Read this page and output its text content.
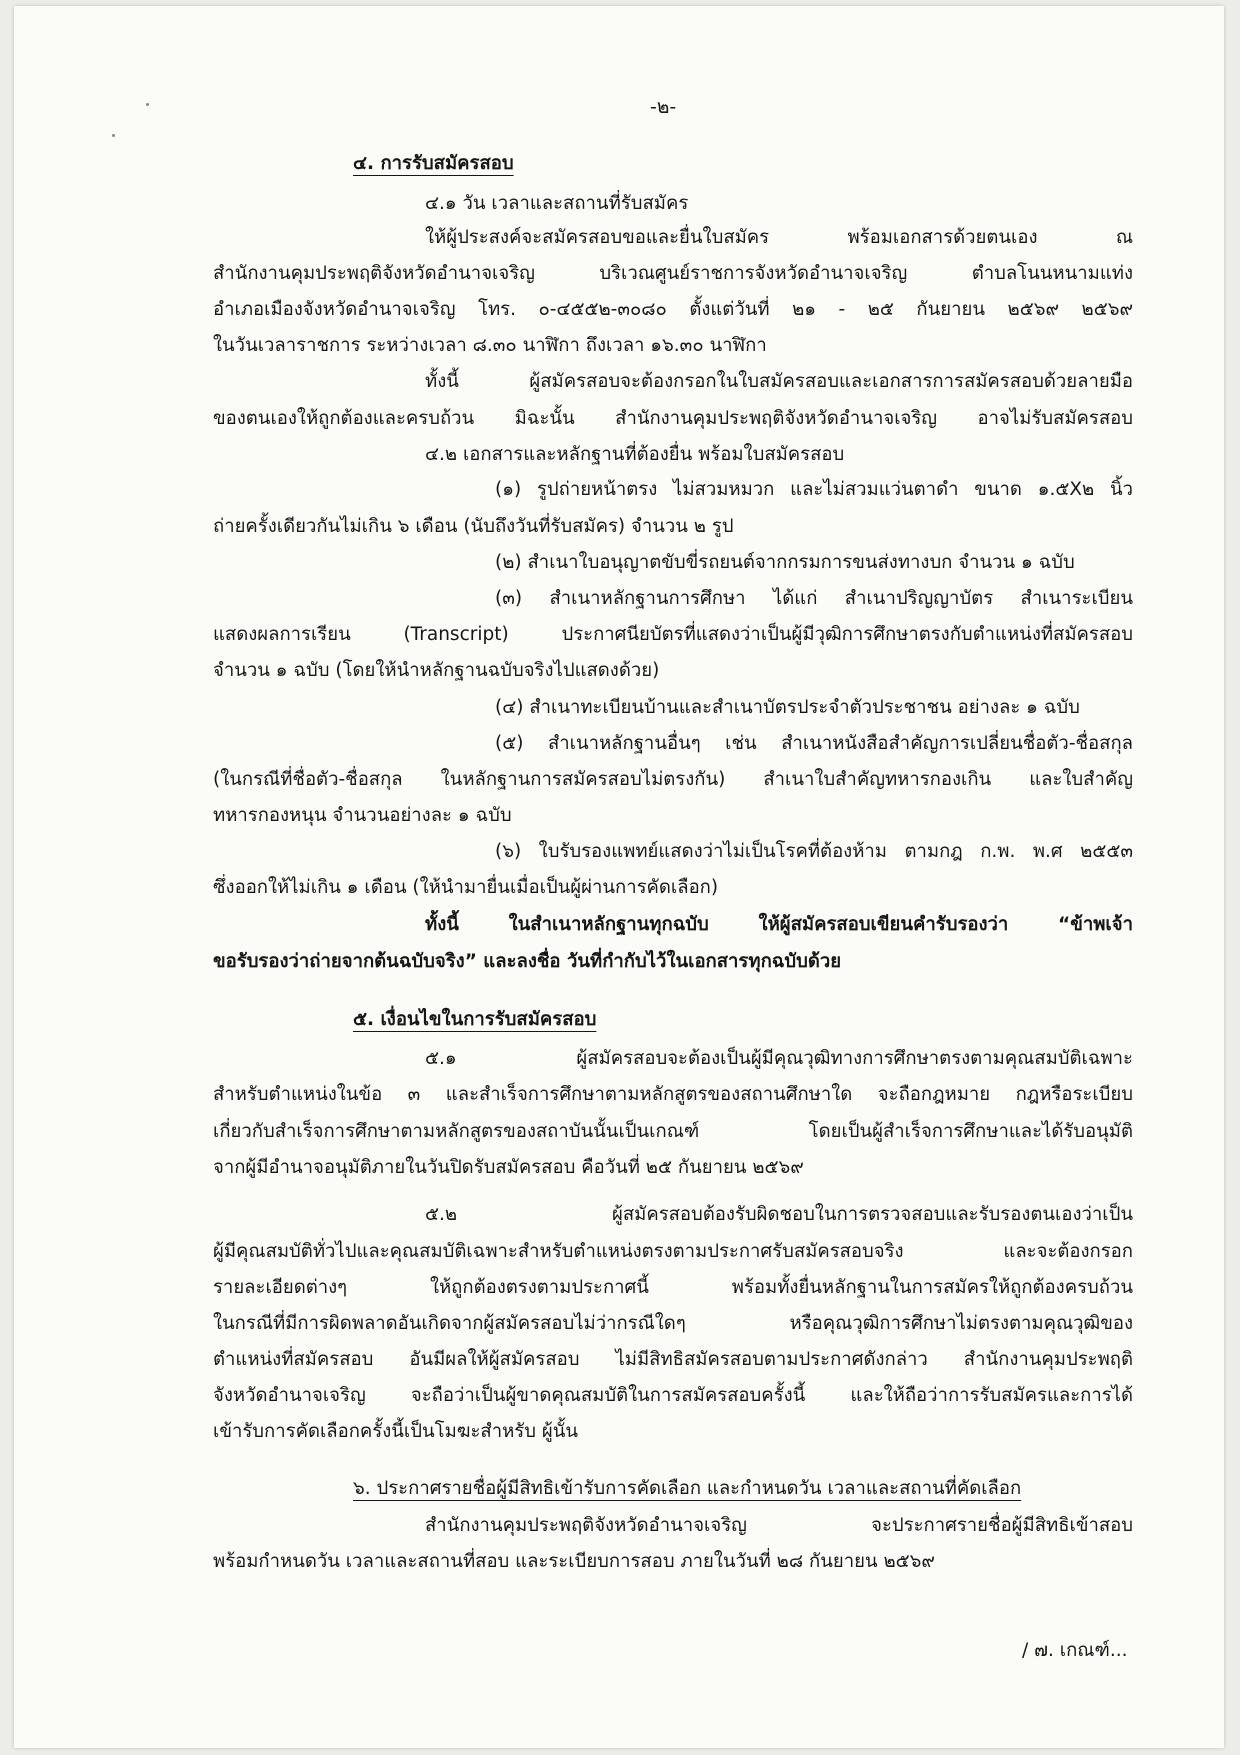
-๒-
๔. การรับสมัครสอบ
๔.๑ วัน เวลาและสถานที่รับสมัคร
ให้ผู้ประสงค์จะสมัครสอบขอและยื่นใบสมัคร พร้อมเอกสารด้วยตนเอง ณ
สำนักงานคุมประพฤติจังหวัดอำนาจเจริญ บริเวณศูนย์ราชการจังหวัดอำนาจเจริญ ตำบลโนนหนามแท่ง
อำเภอเมืองจังหวัดอำนาจเจริญ โทร. ๐-๔๕๕๒-๓๐๘๐ ตั้งแต่วันที่ ๒๑ - ๒๕ กันยายน ๒๕๖๙ ๒๕๖๙
ในวันเวลาราชการ ระหว่างเวลา ๘.๓๐ นาฬิกา ถึงเวลา ๑๖.๓๐ นาฬิกา
ทั้งนี้ ผู้สมัครสอบจะต้องกรอกในใบสมัครสอบและเอกสารการสมัครสอบด้วยลายมือ
ของตนเองให้ถูกต้องและครบถ้วน มิฉะนั้น สำนักงานคุมประพฤติจังหวัดอำนาจเจริญ อาจไม่รับสมัครสอบ
๔.๒ เอกสารและหลักฐานที่ต้องยื่น พร้อมใบสมัครสอบ
(๑) รูปถ่ายหน้าตรง ไม่สวมหมวก และไม่สวมแว่นตาดำ ขนาด ๑.๕X๒ นิ้ว
ถ่ายครั้งเดียวกันไม่เกิน ๖ เดือน (นับถึงวันที่รับสมัคร) จำนวน ๒ รูป
(๒) สำเนาใบอนุญาตขับขี่รถยนต์จากกรมการขนส่งทางบก จำนวน ๑ ฉบับ
(๓) สำเนาหลักฐานการศึกษา ได้แก่ สำเนาปริญญาบัตร สำเนาระเบียน
แสดงผลการเรียน (Transcript) ประกาศนียบัตรที่แสดงว่าเป็นผู้มีวุฒิการศึกษาตรงกับตำแหน่งที่สมัครสอบ
จำนวน ๑ ฉบับ (โดยให้นำหลักฐานฉบับจริงไปแสดงด้วย)
(๔) สำเนาทะเบียนบ้านและสำเนาบัตรประจำตัวประชาชน อย่างละ ๑ ฉบับ
(๕) สำเนาหลักฐานอื่นๆ เช่น สำเนาหนังสือสำคัญการเปลี่ยนชื่อตัว-ชื่อสกุล
(ในกรณีที่ชื่อตัว-ชื่อสกุล ในหลักฐานการสมัครสอบไม่ตรงกัน) สำเนาใบสำคัญทหารกองเกิน และใบสำคัญ
ทหารกองหนุน จำนวนอย่างละ ๑ ฉบับ
(๖) ใบรับรองแพทย์แสดงว่าไม่เป็นโรคที่ต้องห้าม ตามกฎ ก.พ. พ.ศ ๒๕๕๓
ซึ่งออกให้ไม่เกิน ๑ เดือน (ให้นำมายื่นเมื่อเป็นผู้ผ่านการคัดเลือก)
ทั้งนี้ ในสำเนาหลักฐานทุกฉบับ ให้ผู้สมัครสอบเขียนคำรับรองว่า “ข้าพเจ้า
ขอรับรองว่าถ่ายจากต้นฉบับจริง” และลงชื่อ วันที่กำกับไว้ในเอกสารทุกฉบับด้วย
๕. เงื่อนไขในการรับสมัครสอบ
๕.๑ ผู้สมัครสอบจะต้องเป็นผู้มีคุณวุฒิทางการศึกษาตรงตามคุณสมบัติเฉพาะ
สำหรับตำแหน่งในข้อ ๓ และสำเร็จการศึกษาตามหลักสูตรของสถานศึกษาใด จะถือกฎหมาย กฎหรือระเบียบ
เกี่ยวกับสำเร็จการศึกษาตามหลักสูตรของสถาบันนั้นเป็นเกณฑ์ โดยเป็นผู้สำเร็จการศึกษาและได้รับอนุมัติ
จากผู้มีอำนาจอนุมัติภายในวันปิดรับสมัครสอบ คือวันที่ ๒๕ กันยายน ๒๕๖๙
๕.๒ ผู้สมัครสอบต้องรับผิดชอบในการตรวจสอบและรับรองตนเองว่าเป็น
ผู้มีคุณสมบัติทั่วไปและคุณสมบัติเฉพาะสำหรับตำแหน่งตรงตามประกาศรับสมัครสอบจริง และจะต้องกรอก
รายละเอียดต่างๆ ให้ถูกต้องตรงตามประกาศนี้ พร้อมทั้งยื่นหลักฐานในการสมัครให้ถูกต้องครบถ้วน
ในกรณีที่มีการผิดพลาดอันเกิดจากผู้สมัครสอบไม่ว่ากรณีใดๆ หรือคุณวุฒิการศึกษาไม่ตรงตามคุณวุฒิของ
ตำแหน่งที่สมัครสอบ อันมีผลให้ผู้สมัครสอบ ไม่มีสิทธิสมัครสอบตามประกาศดังกล่าว สำนักงานคุมประพฤติ
จังหวัดอำนาจเจริญ จะถือว่าเป็นผู้ขาดคุณสมบัติในการสมัครสอบครั้งนี้ และให้ถือว่าการรับสมัครและการได้
เข้ารับการคัดเลือกครั้งนี้เป็นโมฆะสำหรับ ผู้นั้น
๖. ประกาศรายชื่อผู้มีสิทธิเข้ารับการคัดเลือก และกำหนดวัน เวลาและสถานที่คัดเลือก
สำนักงานคุมประพฤติจังหวัดอำนาจเจริญ จะประกาศรายชื่อผู้มีสิทธิเข้าสอบ
พร้อมกำหนดวัน เวลาและสถานที่สอบ และระเบียบการสอบ ภายในวันที่ ๒๘ กันยายน ๒๕๖๙
/ ๗. เกณฑ์...
